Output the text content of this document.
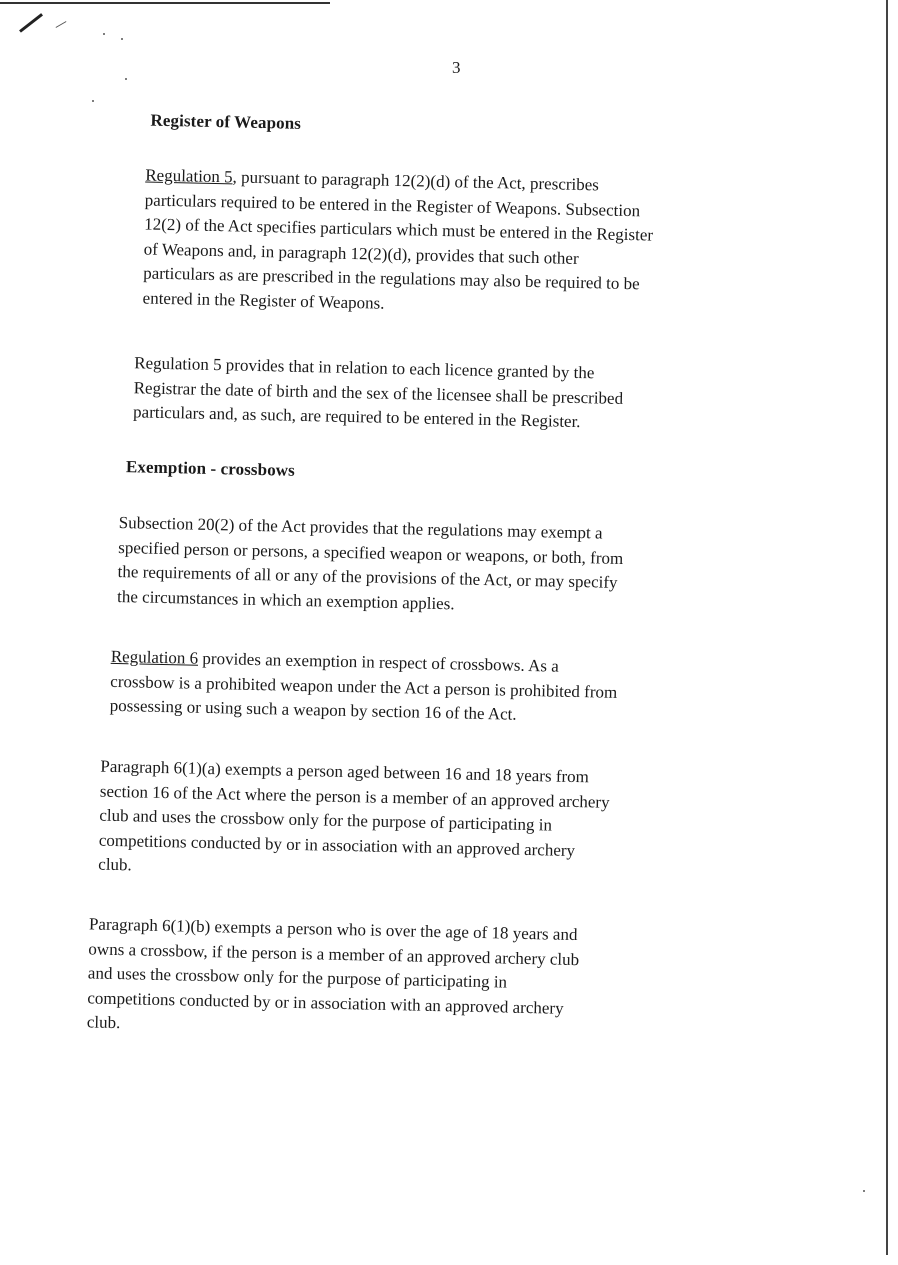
3
Register of Weapons
Regulation 5, pursuant to paragraph 12(2)(d) of the Act, prescribes
particulars required to be entered in the Register of Weapons. Subsection
12(2) of the Act specifies particulars which must be entered in the Register
of Weapons and, in paragraph 12(2)(d), provides that such other
particulars as are prescribed in the regulations may also be required to be
entered in the Register of Weapons.
Regulation 5 provides that in relation to each licence granted by the
Registrar the date of birth and the sex of the licensee shall be prescribed
particulars and, as such, are required to be entered in the Register.
Exemption - crossbows
Subsection 20(2) of the Act provides that the regulations may exempt a
specified person or persons, a specified weapon or weapons, or both, from
the requirements of all or any of the provisions of the Act, or may specify
the circumstances in which an exemption applies.
Regulation 6 provides an exemption in respect of crossbows. As a
crossbow is a prohibited weapon under the Act a person is prohibited from
possessing or using such a weapon by section 16 of the Act.
Paragraph 6(1)(a) exempts a person aged between 16 and 18 years from
section 16 of the Act where the person is a member of an approved archery
club and uses the crossbow only for the purpose of participating in
competitions conducted by or in association with an approved archery
club.
Paragraph 6(1)(b) exempts a person who is over the age of 18 years and
owns a crossbow, if the person is a member of an approved archery club
and uses the crossbow only for the purpose of participating in
competitions conducted by or in association with an approved archery
club.
